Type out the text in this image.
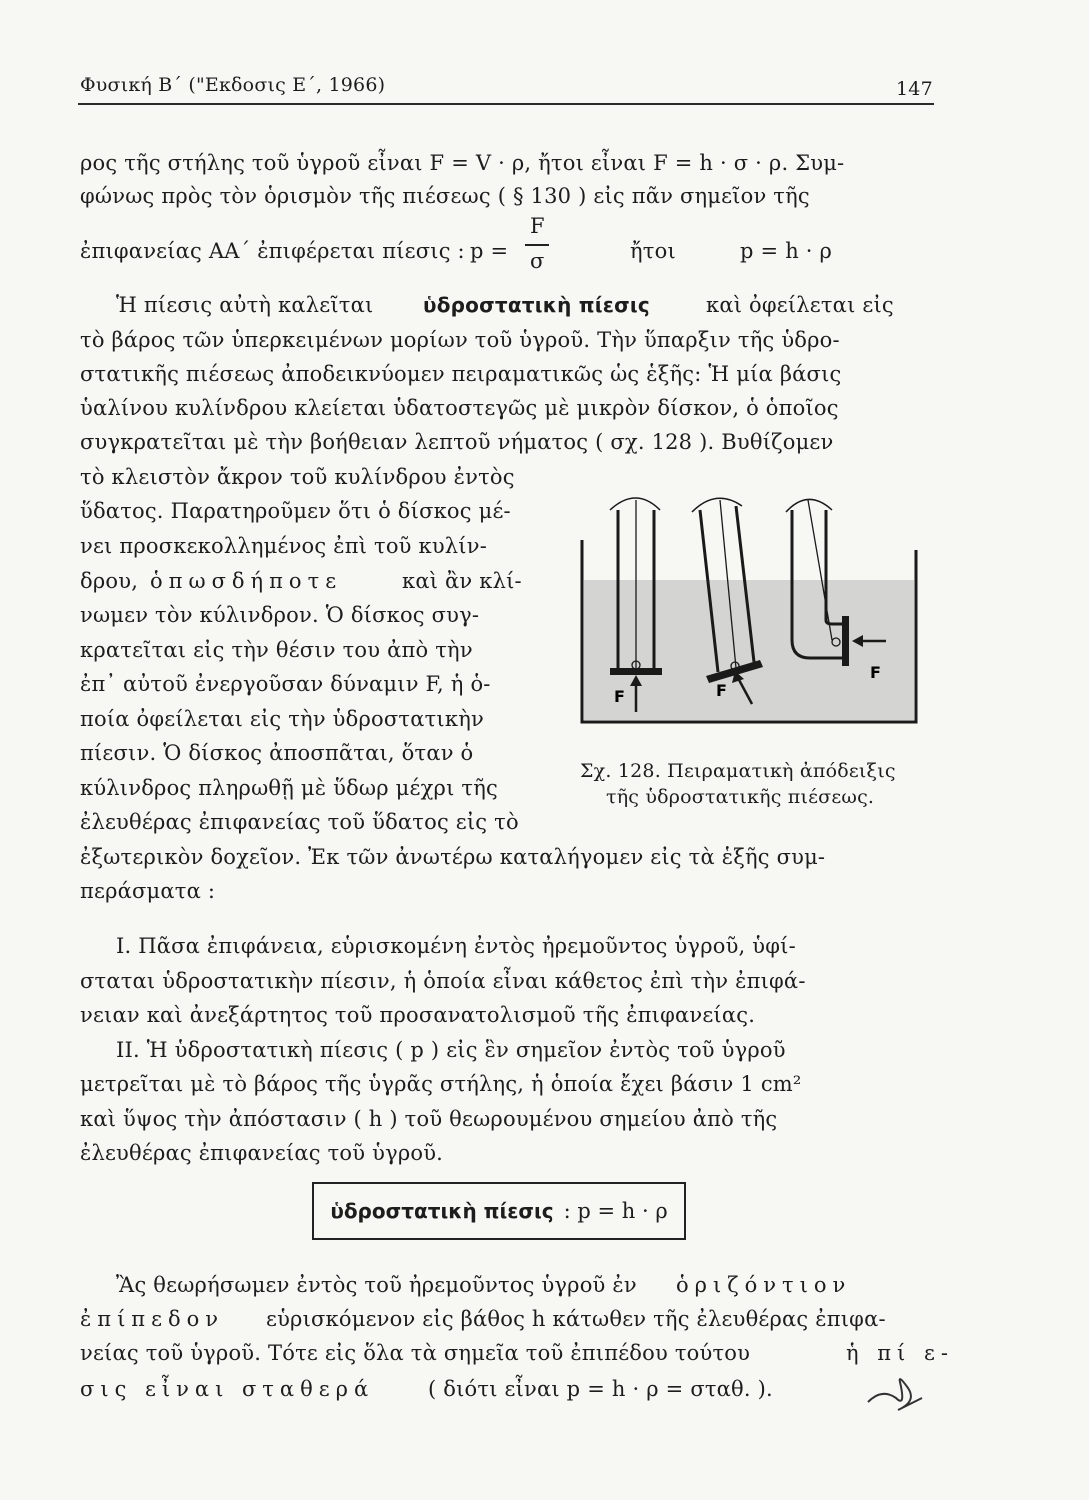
Φυσική Β΄ ("Εκδοσις Ε΄, 1966)	147
ρος τῆς στήλης τοῦ ὑγροῦ εἶναι F = V · ρ, ἤτοι εἶναι F = h · σ · ρ. Συμ-
φώνως πρὸς τὸν ὁρισμὸν τῆς πιέσεως ( § 130 ) εἰς πᾶν σημεῖον τῆς
ἐπιφανείας ΑΑ΄ ἐπιφέρεται πίεσις : p =
F
σ	ἤτοι	p = h · ρ
Ἡ πίεσις αὐτὴ καλεῖται ὑδροστατικὴ πίεσις	καὶ ὀφείλεται εἰς
τὸ βάρος τῶν ὑπερκειμένων μορίων τοῦ ὑγροῦ. Τὴν ὕπαρξιν τῆς ὑδρο-
στατικῆς πιέσεως ἀποδεικνύομεν πειραματικῶς ὡς ἑξῆς: Ἡ μία βάσις
ὑαλίνου κυλίνδρου κλείεται ὑδατοστεγῶς μὲ μικρὸν δίσκον, ὁ ὁποῖος
συγκρατεῖται μὲ τὴν βοήθειαν λεπτοῦ νήματος ( σχ. 128 ). Βυθίζομεν
τὸ κλειστὸν ἄκρον τοῦ κυλίνδρου ἐντὸς
ὕδατος. Παρατηροῦμεν ὅτι ὁ δίσκος μέ-
νει προσκεκολλημένος ἐπὶ τοῦ κυλίν-
δρου, ὁπωσδήποτε	καὶ ἂν κλί-
νωμεν τὸν κύλινδρον. Ὁ δίσκος συγ-
κρατεῖται εἰς τὴν θέσιν του ἀπὸ τὴν
ἐπ᾿ αὐτοῦ ἐνεργοῦσαν δύναμιν F, ἡ ὁ-
ποία ὀφείλεται εἰς τὴν ὑδροστατικὴν
πίεσιν. Ὁ δίσκος ἀποσπᾶται, ὅταν ὁ
κύλινδρος πληρωθῇ μὲ ὕδωρ μέχρι τῆς
ἐλευθέρας ἐπιφανείας τοῦ ὕδατος εἰς τὸ
ἐξωτερικὸν δοχεῖον. Ἐκ τῶν ἀνωτέρω καταλήγομεν εἰς τὰ ἑξῆς συμ-
περάσματα :
F	F
F
Σχ. 128. Πειραματικὴ ἀπόδειξις
τῆς ὑδροστατικῆς πιέσεως.
Ι. Πᾶσα ἐπιφάνεια, εὑρισκομένη ἐντὸς ἠρεμοῦντος ὑγροῦ, ὑφί-
σταται ὑδροστατικὴν πίεσιν, ἡ ὁποία εἶναι κάθετος ἐπὶ τὴν ἐπιφά-
νειαν καὶ ἀνεξάρτητος τοῦ προσανατολισμοῦ τῆς ἐπιφανείας.
ΙΙ. Ἡ ὑδροστατικὴ πίεσις ( p ) εἰς ἓν σημεῖον ἐντὸς τοῦ ὑγροῦ
μετρεῖται μὲ τὸ βάρος τῆς ὑγρᾶς στήλης, ἡ ὁποία ἔχει βάσιν 1 cm²
καὶ ὕψος τὴν ἀπόστασιν ( h ) τοῦ θεωρουμένου σημείου ἀπὸ τῆς
ἐλευθέρας ἐπιφανείας τοῦ ὑγροῦ.
ὑδροστατικὴ πίεσις : p = h · ρ
Ἂς θεωρήσωμεν ἐντὸς τοῦ ἠρεμοῦντος ὑγροῦ ἐν ὁριζόντιον
ἐπίπεδον εὑρισκόμενον εἰς βάθος h κάτωθεν τῆς ἐλευθέρας ἐπιφα-
νείας τοῦ ὑγροῦ. Τότε εἰς ὅλα τὰ σημεῖα τοῦ ἐπιπέδου τούτου	ἡ πί ε-
σις εἶναι σταθερά	( διότι εἶναι p = h · ρ = σταθ. ).
